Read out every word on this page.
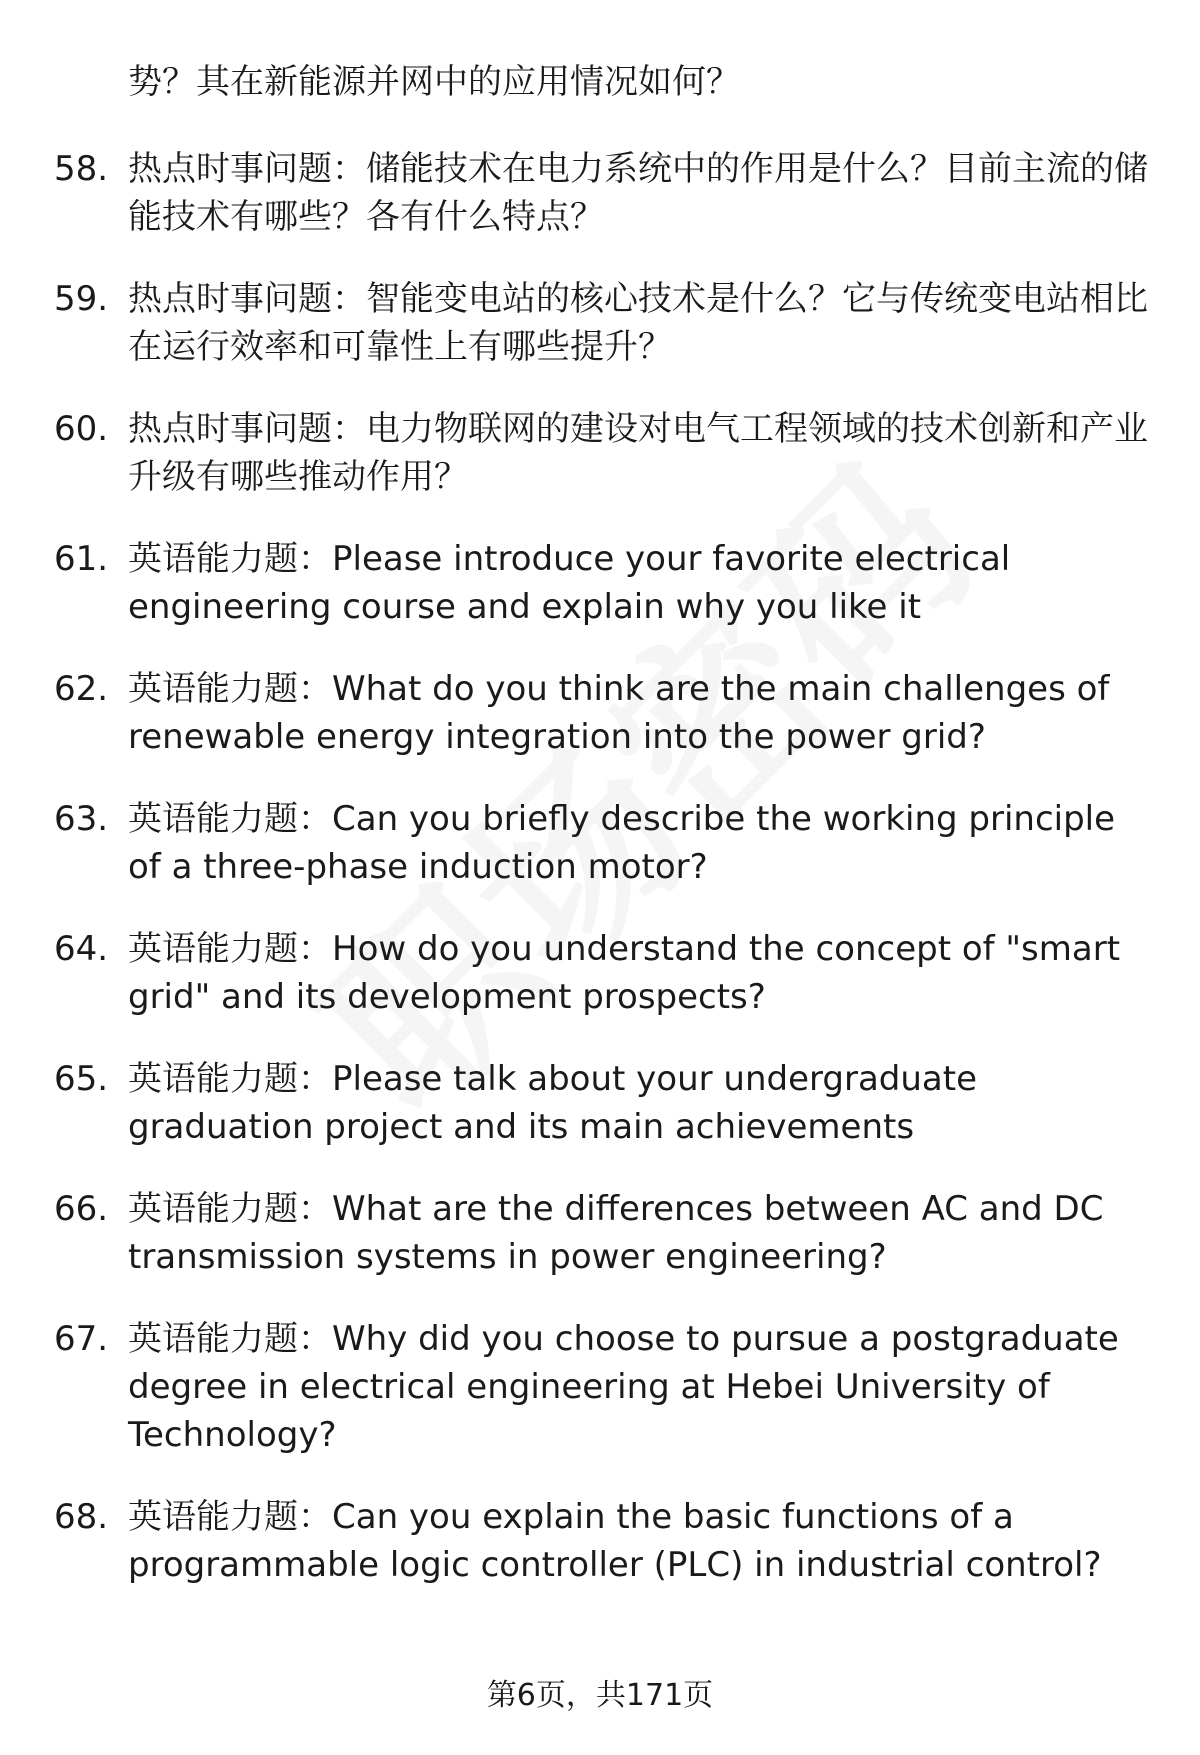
势？其在新能源并网中的应用情况如何？
58. 热点时事问题：储能技术在电力系统中的作用是什么？目前主流的储能技术有哪些？各有什么特点？
59. 热点时事问题：智能变电站的核心技术是什么？它与传统变电站相比在运行效率和可靠性上有哪些提升？
60. 热点时事问题：电力物联网的建设对电气工程领域的技术创新和产业升级有哪些推动作用？
61. 英语能力题：Please introduce your favorite electrical engineering course and explain why you like it
62. 英语能力题：What do you think are the main challenges of renewable energy integration into the power grid?
63. 英语能力题：Can you briefly describe the working principle of a three-phase induction motor?
64. 英语能力题：How do you understand the concept of "smart grid" and its development prospects?
65. 英语能力题：Please talk about your undergraduate graduation project and its main achievements
66. 英语能力题：What are the differences between AC and DC transmission systems in power engineering?
67. 英语能力题：Why did you choose to pursue a postgraduate degree in electrical engineering at Hebei University of Technology?
68. 英语能力题：Can you explain the basic functions of a programmable logic controller (PLC) in industrial control?
第6页，共171页
